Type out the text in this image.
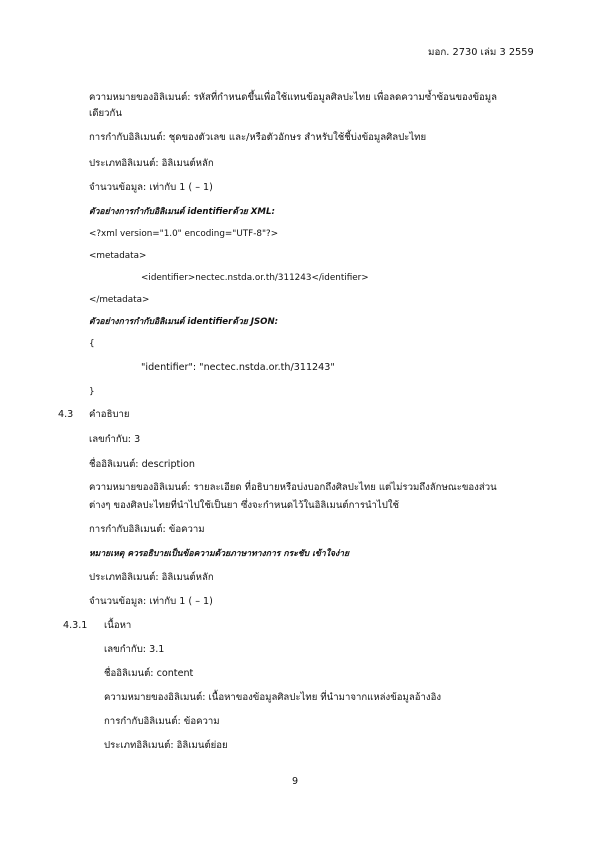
มอก. 2730 เล่ม 3 2559
ความหมายของอิลิเมนต์: รหัสที่กำหนดขึ้นเพื่อใช้แทนข้อมูลศิลปะไทย เพื่อลดความซ้ำซ้อนของข้อมูล
เดียวกัน
การกำกับอิลิเมนต์: ชุดของตัวเลข และ/หรือตัวอักษร สำหรับใช้ชี้บ่งข้อมูลศิลปะไทย
ประเภทอิลิเมนต์: อิลิเมนต์หลัก
จำนวนข้อมูล: เท่ากับ 1 ( – 1)
ตัวอย่างการกำกับอิลิเมนต์ identifierด้วย XML:
<?xml version="1.0" encoding="UTF-8"?>
<metadata>
<identifier>nectec.nstda.or.th/311243</identifier>
</metadata>
ตัวอย่างการกำกับอิลิเมนต์ identifierด้วย JSON:
{
"identifier": "nectec.nstda.or.th/311243"
}
4.3 คำอธิบาย
เลขกำกับ: 3
ชื่ออิลิเมนต์: description
ความหมายของอิลิเมนต์: รายละเอียด ที่อธิบายหรือบ่งบอกถึงศิลปะไทย แต่ไม่รวมถึงลักษณะของส่วน
ต่างๆ ของศิลปะไทยที่นำไปใช้เป็นยา ซึ่งจะกำหนดไว้ในอิลิเมนต์การนำไปใช้
การกำกับอิลิเมนต์: ข้อความ
หมายเหตุ ควรอธิบายเป็นข้อความด้วยภาษาทางการ กระชับ เข้าใจง่าย
ประเภทอิลิเมนต์: อิลิเมนต์หลัก
จำนวนข้อมูล: เท่ากับ 1 ( – 1)
4.3.1 เนื้อหา
เลขกำกับ: 3.1
ชื่ออิลิเมนต์: content
ความหมายของอิลิเมนต์: เนื้อหาของข้อมูลศิลปะไทย ที่นำมาจากแหล่งข้อมูลอ้างอิง
การกำกับอิลิเมนต์: ข้อความ
ประเภทอิลิเมนต์: อิลิเมนต์ย่อย
9
